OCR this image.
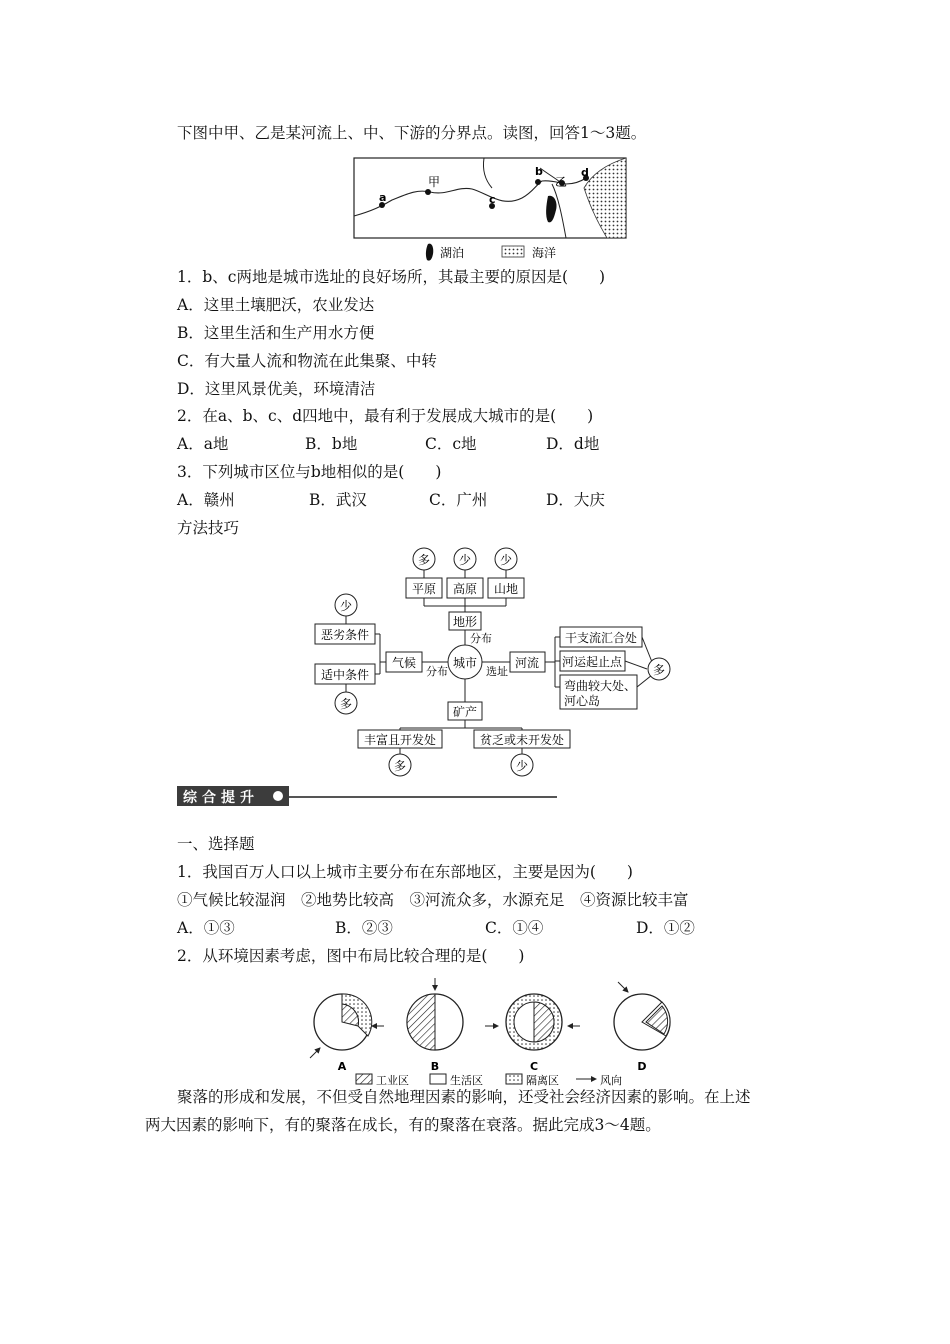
下图中甲、乙是某河流上、中、下游的分界点。读图，回答1～3题。
a
甲
c
b
乙
d
湖泊	海洋
1．b、c两地是城市选址的良好场所，其最主要的原因是(　　)
A．这里土壤肥沃，农业发达
B．这里生活和生产用水方便
C．有大量人流和物流在此集聚、中转
D．这里风景优美，环境清洁
2．在a、b、c、d四地中，最有利于发展成大城市的是(　　)
A．a地	B．b地	C．c地	D．d地
3．下列城市区位与b地相似的是(　　)
A．赣州	B．武汉	C．广州	D．大庆
方法技巧
多 少 少
平原 高原 山地
地形
分布
少
恶劣条件
适中条件
多
气候
分布
城市
选址
河流
干支流汇合处
河运起止点
弯曲较大处、
河心岛
多
矿产
丰富且开发处	贫乏或未开发处
多	少
综合提升
一、选择题
1．我国百万人口以上城市主要分布在东部地区，主要是因为(　　)
①气候比较湿润　②地势比较高　③河流众多，水源充足　④资源比较丰富
A．①③	B．②③	C．①④	D．①②
2．从环境因素考虑，图中布局比较合理的是(　　)
A	B	C	D
工业区	生活区	隔离区	风向
聚落的形成和发展，不但受自然地理因素的影响，还受社会经济因素的影响。在上述
两大因素的影响下，有的聚落在成长，有的聚落在衰落。据此完成3～4题。
